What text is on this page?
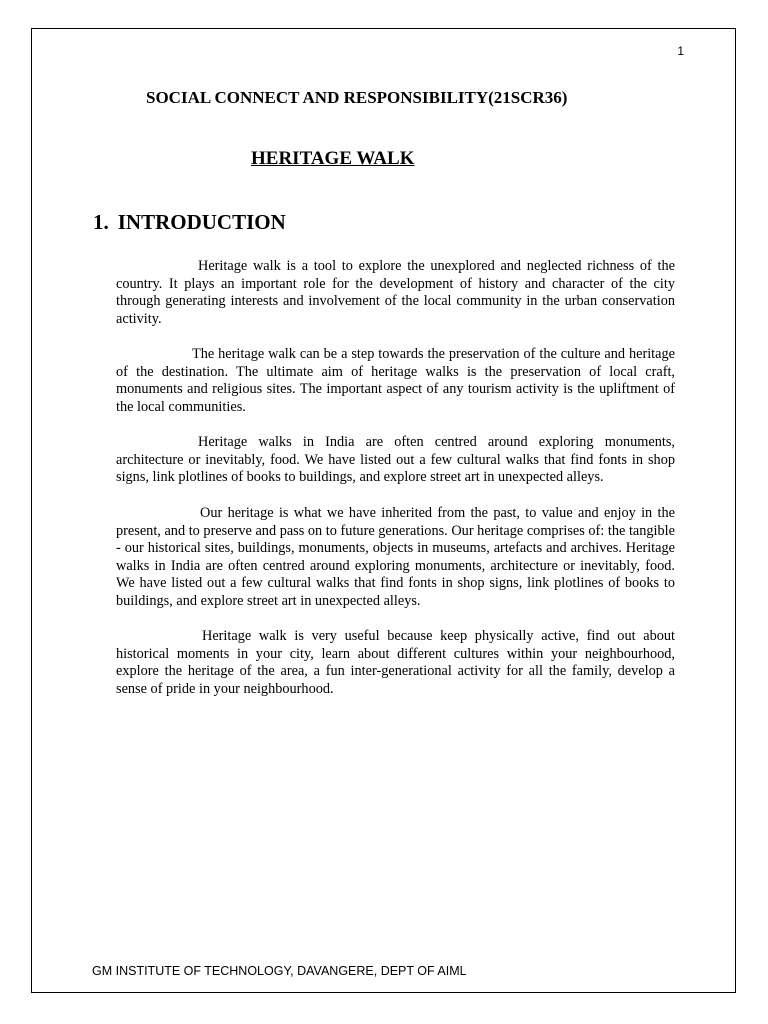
1
SOCIAL CONNECT AND RESPONSIBILITY(21SCR36)
HERITAGE WALK
1. INTRODUCTION

Heritage walk is a tool to explore the unexplored and neglected richness of the country. It plays an important role for the development of history and character of the city through generating interests and involvement of the local community in the urban conservation activity.

The heritage walk can be a step towards the preservation of the culture and heritage of the destination. The ultimate aim of heritage walks is the preservation of local craft, monuments and religious sites. The important aspect of any tourism activity is the upliftment of the local communities.

Heritage walks in India are often centred around exploring monuments, architecture or inevitably, food. We have listed out a few cultural walks that find fonts in shop signs, link plotlines of books to buildings, and explore street art in unexpected alleys.

Our heritage is what we have inherited from the past, to value and enjoy in the present, and to preserve and pass on to future generations. Our heritage comprises of: the tangible - our historical sites, buildings, monuments, objects in museums, artefacts and archives. Heritage walks in India are often centred around exploring monuments, architecture or inevitably, food. We have listed out a few cultural walks that find fonts in shop signs, link plotlines of books to buildings, and explore street art in unexpected alleys.

Heritage walk is very useful because keep physically active, find out about historical moments in your city, learn about different cultures within your neighbourhood, explore the heritage of the area, a fun inter-generational activity for all the family, develop a sense of pride in your neighbourhood.

GM INSTITUTE OF TECHNOLOGY, DAVANGERE, DEPT OF AIML
